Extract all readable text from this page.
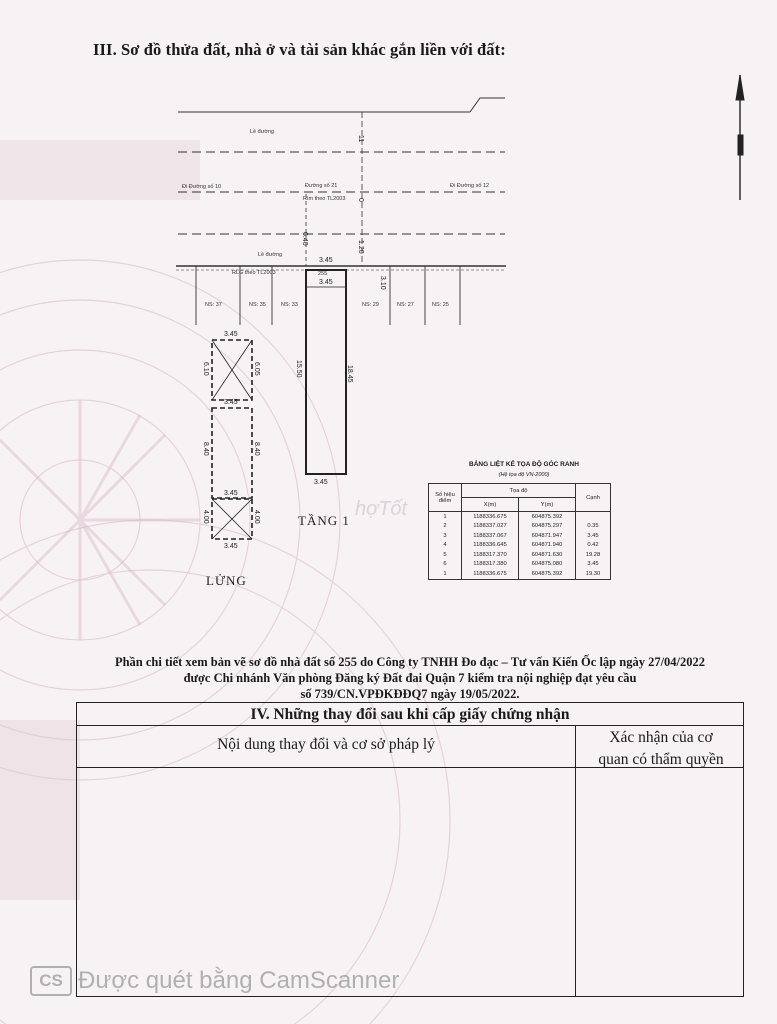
III. Sơ đồ thửa đất, nhà ở và tài sản khác gắn liền với đất:
Lề đường
Đi Đường số 10	Đường số 21
Rìm theo TL2003
Đi Đường số 12
Lề đường
11
0
1.20
0.40
RLG theo TL2003
NS: 37	NS: 35	NS: 33	NS: 29	NS: 27	NS: 25
255
3.45
3.45
15.50	18.45
3.10
3.45
TẦNG 1
3.45
6.10	6.05
3.45
8.40	8.40
3.45
4.00	4.00
3.45
LỬNG
hợTốt
BẢNG LIỆT KÊ TỌA ĐỘ GÓC RANH
(Hệ tọa độ VN-2000)
Số hiệu điểm	Tọa độ		Cạnh
	X(m)	Y(m)	
1	1188336.675	604875.392	
2	1188337.027	604875.297	0.35
3	1188337.067	604871.947	3.45
4	1188336.645	604871.940	0.42
5	1188317.370	604871.630	19.28
6	1188317.380	604875.080	3.45
1	1188336.675	604875.392	19.30
Phần chi tiết xem bản vẽ sơ đồ nhà đất số 255 do Công ty TNHH Đo đạc – Tư vấn Kiến Ốc lập ngày 27/04/2022
được Chi nhánh Văn phòng Đăng ký Đất đai Quận 7 kiểm tra nội nghiệp đạt yêu cầu
số 739/CN.VPĐKĐĐQ7 ngày 19/05/2022.
IV. Những thay đổi sau khi cấp giấy chứng nhận
Nội dung thay đổi và cơ sở pháp lý	Xác nhận của cơ
quan có thẩm quyền
CS Được quét bằng CamScanner
